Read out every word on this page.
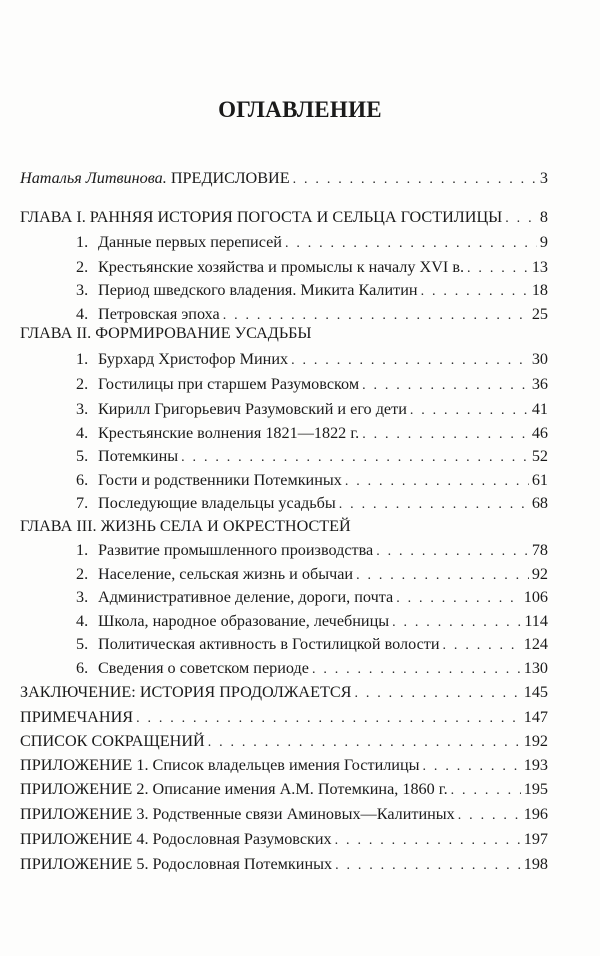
ОГЛАВЛЕНИЕ
Наталья Литвинова. ПРЕДИСЛОВИЕ . . .	3
ГЛАВА I. РАННЯЯ ИСТОРИЯ ПОГОСТА И СЕЛЬЦА ГОСТИЛИЦЫ . . . 8
1. Данные первых переписей . . .	9
2. Крестьянские хозяйства и промыслы к началу XVI в. . . .	13
3. Период шведского владения. Микита Калитин . . .	18
4. Петровская эпоха . . .	25
ГЛАВА II. ФОРМИРОВАНИЕ УСАДЬБЫ
1. Бурхард Христофор Миних . . .	30
2. Гостилицы при старшем Разумовском . . .	36
3. Кирилл Григорьевич Разумовский и его дети . . .	41
4. Крестьянские волнения 1821—1822 г. . . .	46
5. Потемкины . . .	52
6. Гости и родственники Потемкиных . . .	61
7. Последующие владельцы усадьбы . . .	68
ГЛАВА III. ЖИЗНЬ СЕЛА И ОКРЕСТНОСТЕЙ
1. Развитие промышленного производства . . .	78
2. Население, сельская жизнь и обычаи . . .	92
3. Административное деление, дороги, почта . . .	106
4. Школа, народное образование, лечебницы . . .	114
5. Политическая активность в Гостилицкой волости . . .	124
6. Сведения о советском периоде . . .	130
ЗАКЛЮЧЕНИЕ: ИСТОРИЯ ПРОДОЛЖАЕТСЯ . . .	145
ПРИМЕЧАНИЯ . . .	147
СПИСОК СОКРАЩЕНИЙ . . .	192
ПРИЛОЖЕНИЕ 1. Список владельцев имения Гостилицы . . .	193
ПРИЛОЖЕНИЕ 2. Описание имения А.М. Потемкина, 1860 г. . . .	195
ПРИЛОЖЕНИЕ 3. Родственные связи Аминовых—Калитиных . . .	196
ПРИЛОЖЕНИЕ 4. Родословная Разумовских . . .	197
ПРИЛОЖЕНИЕ 5. Родословная Потемкиных . . .	198
